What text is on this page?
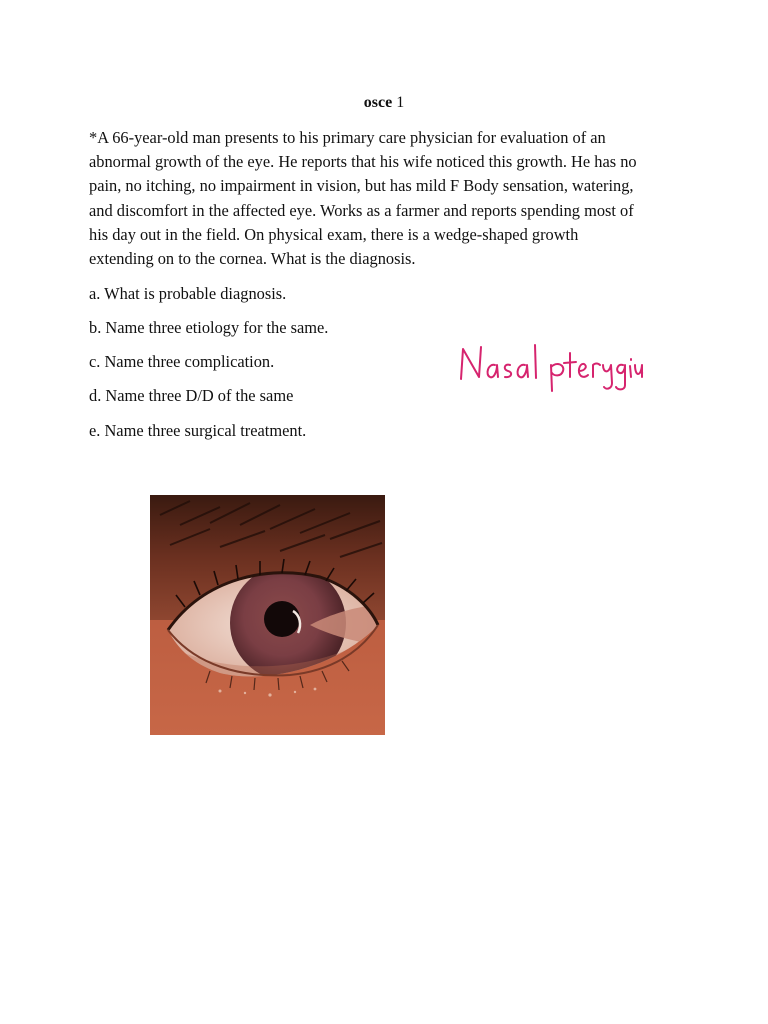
osce 1
*A 66-year-old man presents to his primary care physician for evaluation of an
abnormal growth of the eye. He reports that his wife noticed this growth. He has no
pain, no itching, no impairment in vision, but has mild F Body sensation, watering,
and discomfort in the affected eye. Works as a farmer and reports spending most of
his day out in the field. On physical exam, there is a wedge-shaped growth
extending on to the cornea. What is the diagnosis.
a. What is probable diagnosis.
b. Name three etiology for the same.
c. Name three complication.
d. Name three D/D of the same
e. Name three surgical treatment.
